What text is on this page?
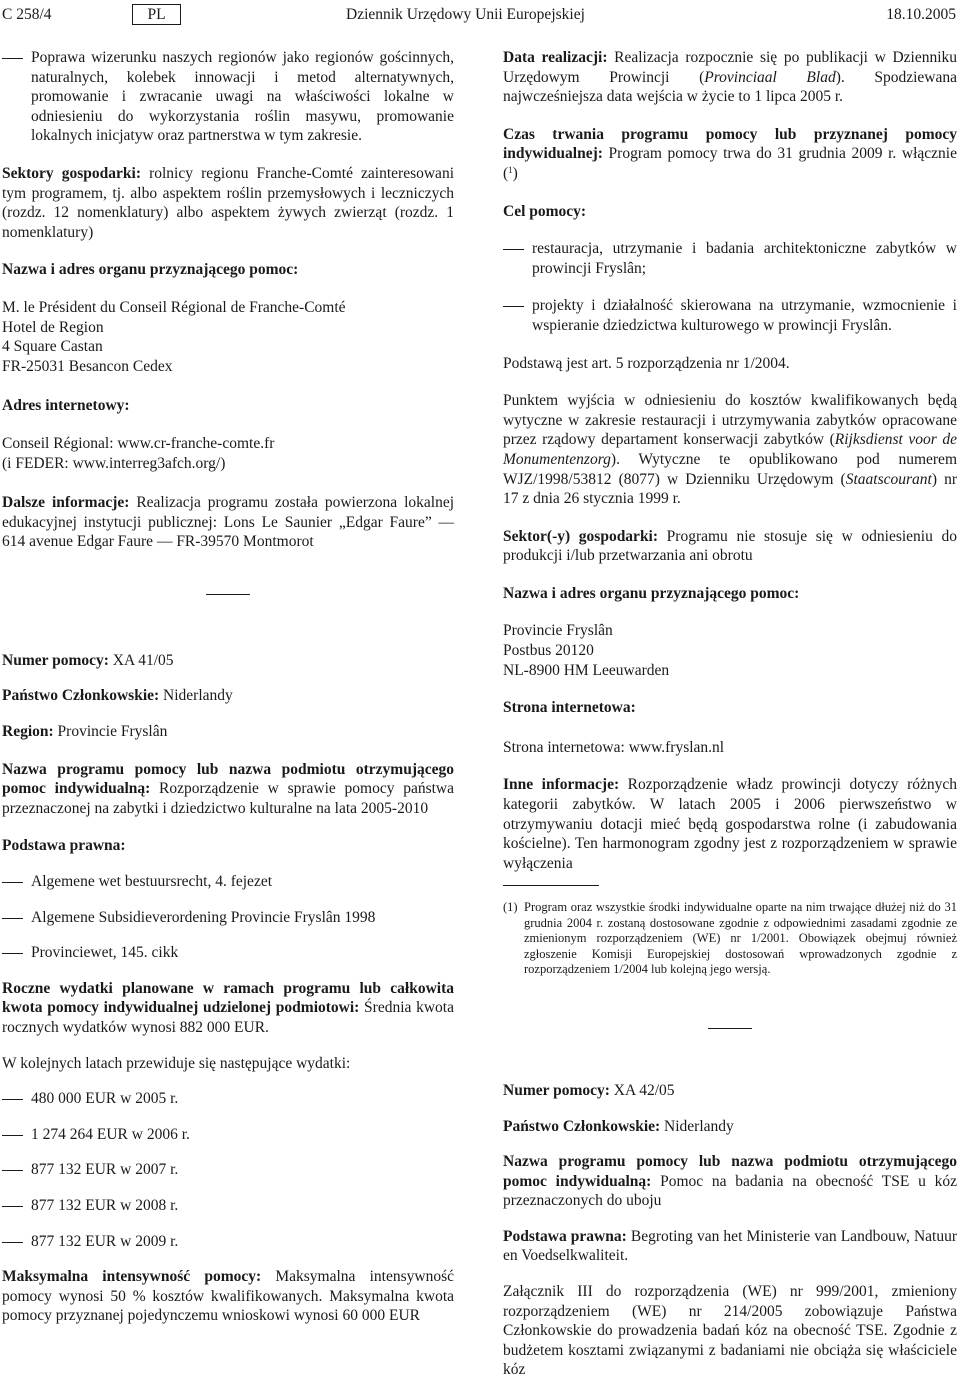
C 258/4	PL	Dziennik Urzędowy Unii Europejskiej	18.10.2005

Poprawa wizerunku naszych regionów jako regionów gościnnych, naturalnych, kolebek innowacji i metod alternatywnych, promowanie i zwracanie uwagi na właściwości lokalne w odniesieniu do wykorzystania roślin masywu, promowanie lokalnych inicjatyw oraz partnerstwa w tym zakresie.

Sektory gospodarki: rolnicy regionu Franche-Comté zainteresowani tym programem, tj. albo aspektem roślin przemysłowych i leczniczych (rozdz. 12 nomenklatury) albo aspektem żywych zwierząt (rozdz. 1 nomenklatury)

Nazwa i adres organu przyznającego pomoc:

M. le Président du Conseil Régional de Franche-Comté
Hotel de Region
4 Square Castan
FR-25031 Besancon Cedex

Adres internetowy:

Conseil Régional: www.cr-franche-comte.fr
(i FEDER: www.interreg3afch.org/)

Dalsze informacje: Realizacja programu została powierzona lokalnej edukacyjnej instytucji publicznej: Lons Le Saunier „Edgar Faure” — 614 avenue Edgar Faure — FR-39570 Montmorot

Numer pomocy: XA 41/05

Państwo Członkowskie: Niderlandy

Region: Provincie Fryslân

Nazwa programu pomocy lub nazwa podmiotu otrzymującego pomoc indywidualną: Rozporządzenie w sprawie pomocy państwa przeznaczonej na zabytki i dziedzictwo kulturalne na lata 2005-2010

Podstawa prawna:

Algemene wet bestuursrecht, 4. fejezet

Algemene Subsidieverordening Provincie Fryslân 1998

Provinciewet, 145. cikk

Roczne wydatki planowane w ramach programu lub całkowita kwota pomocy indywidualnej udzielonej podmiotowi: Średnia kwota rocznych wydatków wynosi 882 000 EUR.

W kolejnych latach przewiduje się następujące wydatki:

480 000 EUR w 2005 r.

1 274 264 EUR w 2006 r.

877 132 EUR w 2007 r.

877 132 EUR w 2008 r.

877 132 EUR w 2009 r.

Maksymalna intensywność pomocy: Maksymalna intensywność pomocy wynosi 50 % kosztów kwalifikowanych. Maksymalna kwota pomocy przyznanej pojedynczemu wnioskowi wynosi 60 000 EUR

Data realizacji: Realizacja rozpocznie się po publikacji w Dzienniku Urzędowym Prowincji (Provinciaal Blad). Spodziewana najwcześniejsza data wejścia w życie to 1 lipca 2005 r.

Czas trwania programu pomocy lub przyznanej pomocy indywidualnej: Program pomocy trwa do 31 grudnia 2009 r. włącznie ($^1$)

Cel pomocy:

restauracja, utrzymanie i badania architektoniczne zabytków w prowincji Fryslân;

projekty i działalność skierowana na utrzymanie, wzmocnienie i wspieranie dziedzictwa kulturowego w prowincji Fryslân.

Podstawą jest art. 5 rozporządzenia nr 1/2004.

Punktem wyjścia w odniesieniu do kosztów kwalifikowanych będą wytyczne w zakresie restauracji i utrzymywania zabytków opracowane przez rządowy departament konserwacji zabytków (Rijksdienst voor de Monumentenzorg). Wytyczne te opublikowano pod numerem WJZ/1998/53812 (8077) w Dzienniku Urzędowym (Staatscourant) nr 17 z dnia 26 stycznia 1999 r.

Sektor(-y) gospodarki: Programu nie stosuje się w odniesieniu do produkcji i/lub przetwarzania ani obrotu

Nazwa i adres organu przyznającego pomoc:

Provincie Fryslân
Postbus 20120
NL-8900 HM Leeuwarden

Strona internetowa:

Strona internetowa: www.fryslan.nl

Inne informacje: Rozporządzenie władz prowincji dotyczy różnych kategorii zabytków. W latach 2005 i 2006 pierwszeństwo w otrzymywaniu dotacji mieć będą gospodarstwa rolne (i zabudowania kościelne). Ten harmonogram zgodny jest z rozporządzeniem w sprawie wyłączenia

(1) Program oraz wszystkie środki indywidualne oparte na nim trwające dłużej niż do 31 grudnia 2004 r. zostaną dostosowane zgodnie z odpowiednimi zasadami zgodnie ze zmienionym rozporządzeniem (WE) nr 1/2001. Obowiązek obejmuj również zgłoszenie Komisji Europejskiej dostosowań wprowadzonych zgodnie z rozporządzeniem 1/2004 lub kolejną jego wersją.

Numer pomocy: XA 42/05

Państwo Członkowskie: Niderlandy

Nazwa programu pomocy lub nazwa podmiotu otrzymującego pomoc indywidualną: Pomoc na badania na obecność TSE u kóz przeznaczonych do uboju

Podstawa prawna: Begroting van het Ministerie van Landbouw, Natuur en Voedselkwaliteit.

Załącznik III do rozporządzenia (WE) nr 999/2001, zmieniony rozporządzeniem (WE) nr 214/2005 zobowiązuje Państwa Członkowskie do prowadzenia badań kóz na obecność TSE. Zgodnie z budżetem kosztami związanymi z badaniami nie obciąża się właściciele kóz
